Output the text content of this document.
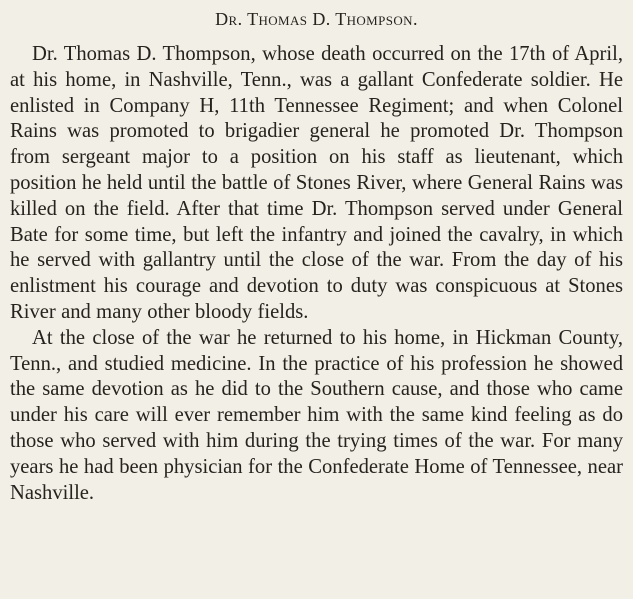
Dr. Thomas D. Thompson.

Dr. Thomas D. Thompson, whose death occurred on the 17th of April, at his home, in Nashville, Tenn., was a gallant Confederate soldier. He enlisted in Company H, 11th Tennessee Regiment; and when Colonel Rains was promoted to brigadier general he promoted Dr. Thompson from sergeant major to a position on his staff as lieutenant, which position he held until the battle of Stones River, where General Rains was killed on the field. After that time Dr. Thompson served under General Bate for some time, but left the infantry and joined the cavalry, in which he served with gallantry until the close of the war. From the day of his enlistment his courage and devotion to duty was conspicuous at Stones River and many other bloody fields.

At the close of the war he returned to his home, in Hickman County, Tenn., and studied medicine. In the practice of his profession he showed the same devotion as he did to the Southern cause, and those who came under his care will ever remember him with the same kind feeling as do those who served with him during the trying times of the war. For many years he had been physician for the Confederate Home of Tennessee, near Nashville.
